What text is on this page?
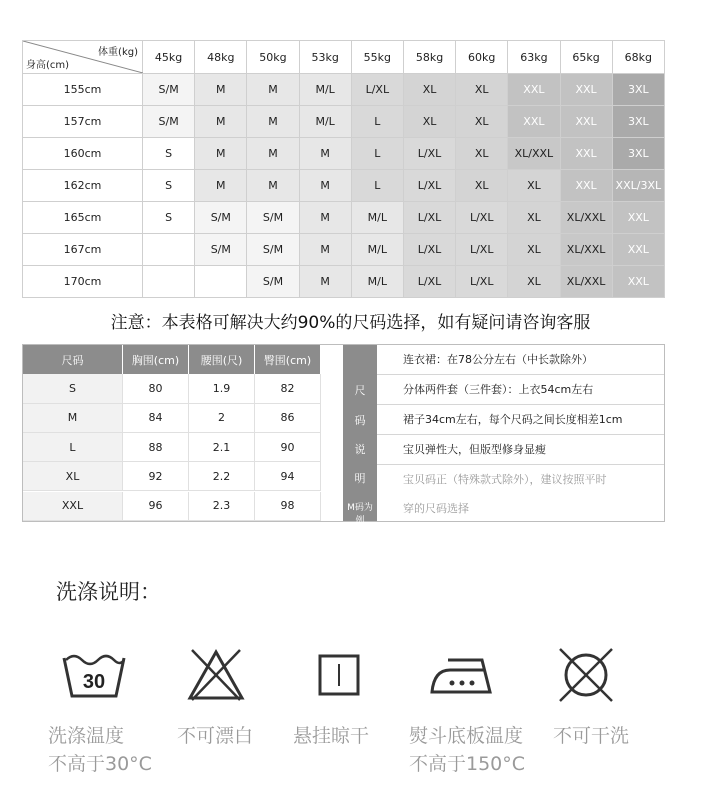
体重(kg)
身高(cm)	45kg	48kg	50kg	53kg	55kg	58kg	60kg	63kg	65kg	68kg
155cm	S/M	M	M	M/L	L/XL	XL	XL	XXL	XXL	3XL
157cm	S/M	M	M	M/L	L	XL	XL	XXL	XXL	3XL
160cm	S	M	M	M	L	L/XL	XL	XL/XXL	XXL	3XL
162cm	S	M	M	M	L	L/XL	XL	XL	XXL	XXL/3XL
165cm	S	S/M	S/M	M	M/L	L/XL	L/XL	XL	XL/XXL	XXL
167cm		S/M	S/M	M	M/L	L/XL	L/XL	XL	XL/XXL	XXL
170cm			S/M	M	M/L	L/XL	L/XL	XL	XL/XXL	XXL
注意：本表格可解决大约90%的尺码选择，如有疑问请咨询客服
尺码	胸围(cm)	腰围(尺)	臀围(cm)
S	80	1.9	82
M	84	2	86
L	88	2.1	90
XL	92	2.2	94
XXL	96	2.3	98
尺
码
说
明
M码为例
连衣裙：在78公分左右（中长款除外）
分体两件套（三件套）：上衣54cm左右
裙子34cm左右，每个尺码之间长度相差1cm
宝贝弹性大，但版型修身显瘦
宝贝码正（特殊款式除外），建议按照平时
穿的尺码选择
洗涤说明：
30
洗涤温度
不高于30°C
不可漂白 悬挂晾干 熨斗底板温度
不高于150°C
不可干洗
